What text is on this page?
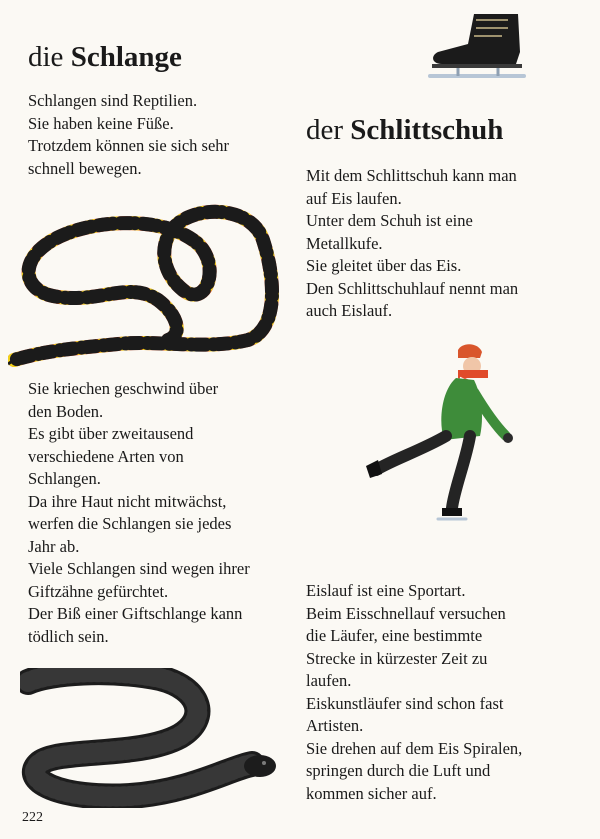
die Schlange

Schlangen sind Reptilien.

Sie haben keine Füße.

Trotzdem können sie sich sehr

schnell bewegen.

Sie kriechen geschwind über

den Boden.

Es gibt über zweitausend

verschiedene Arten von

Schlangen.

Da ihre Haut nicht mitwächst,

werfen die Schlangen sie jedes

Jahr ab.

Viele Schlangen sind wegen ihrer

Giftzähne gefürchtet.

Der Biß einer Giftschlange kann

tödlich sein.

222
der Schlittschuh

Mit dem Schlittschuh kann man

auf Eis laufen.

Unter dem Schuh ist eine

Metallkufe.

Sie gleitet über das Eis.

Den Schlittschuhlauf nennt man

auch Eislauf.

Eislauf ist eine Sportart.

Beim Eisschnellauf versuchen

die Läufer, eine bestimmte

Strecke in kürzester Zeit zu

laufen.

Eiskunstläufer sind schon fast

Artisten.

Sie drehen auf dem Eis Spiralen,

springen durch die Luft und

kommen sicher auf.
